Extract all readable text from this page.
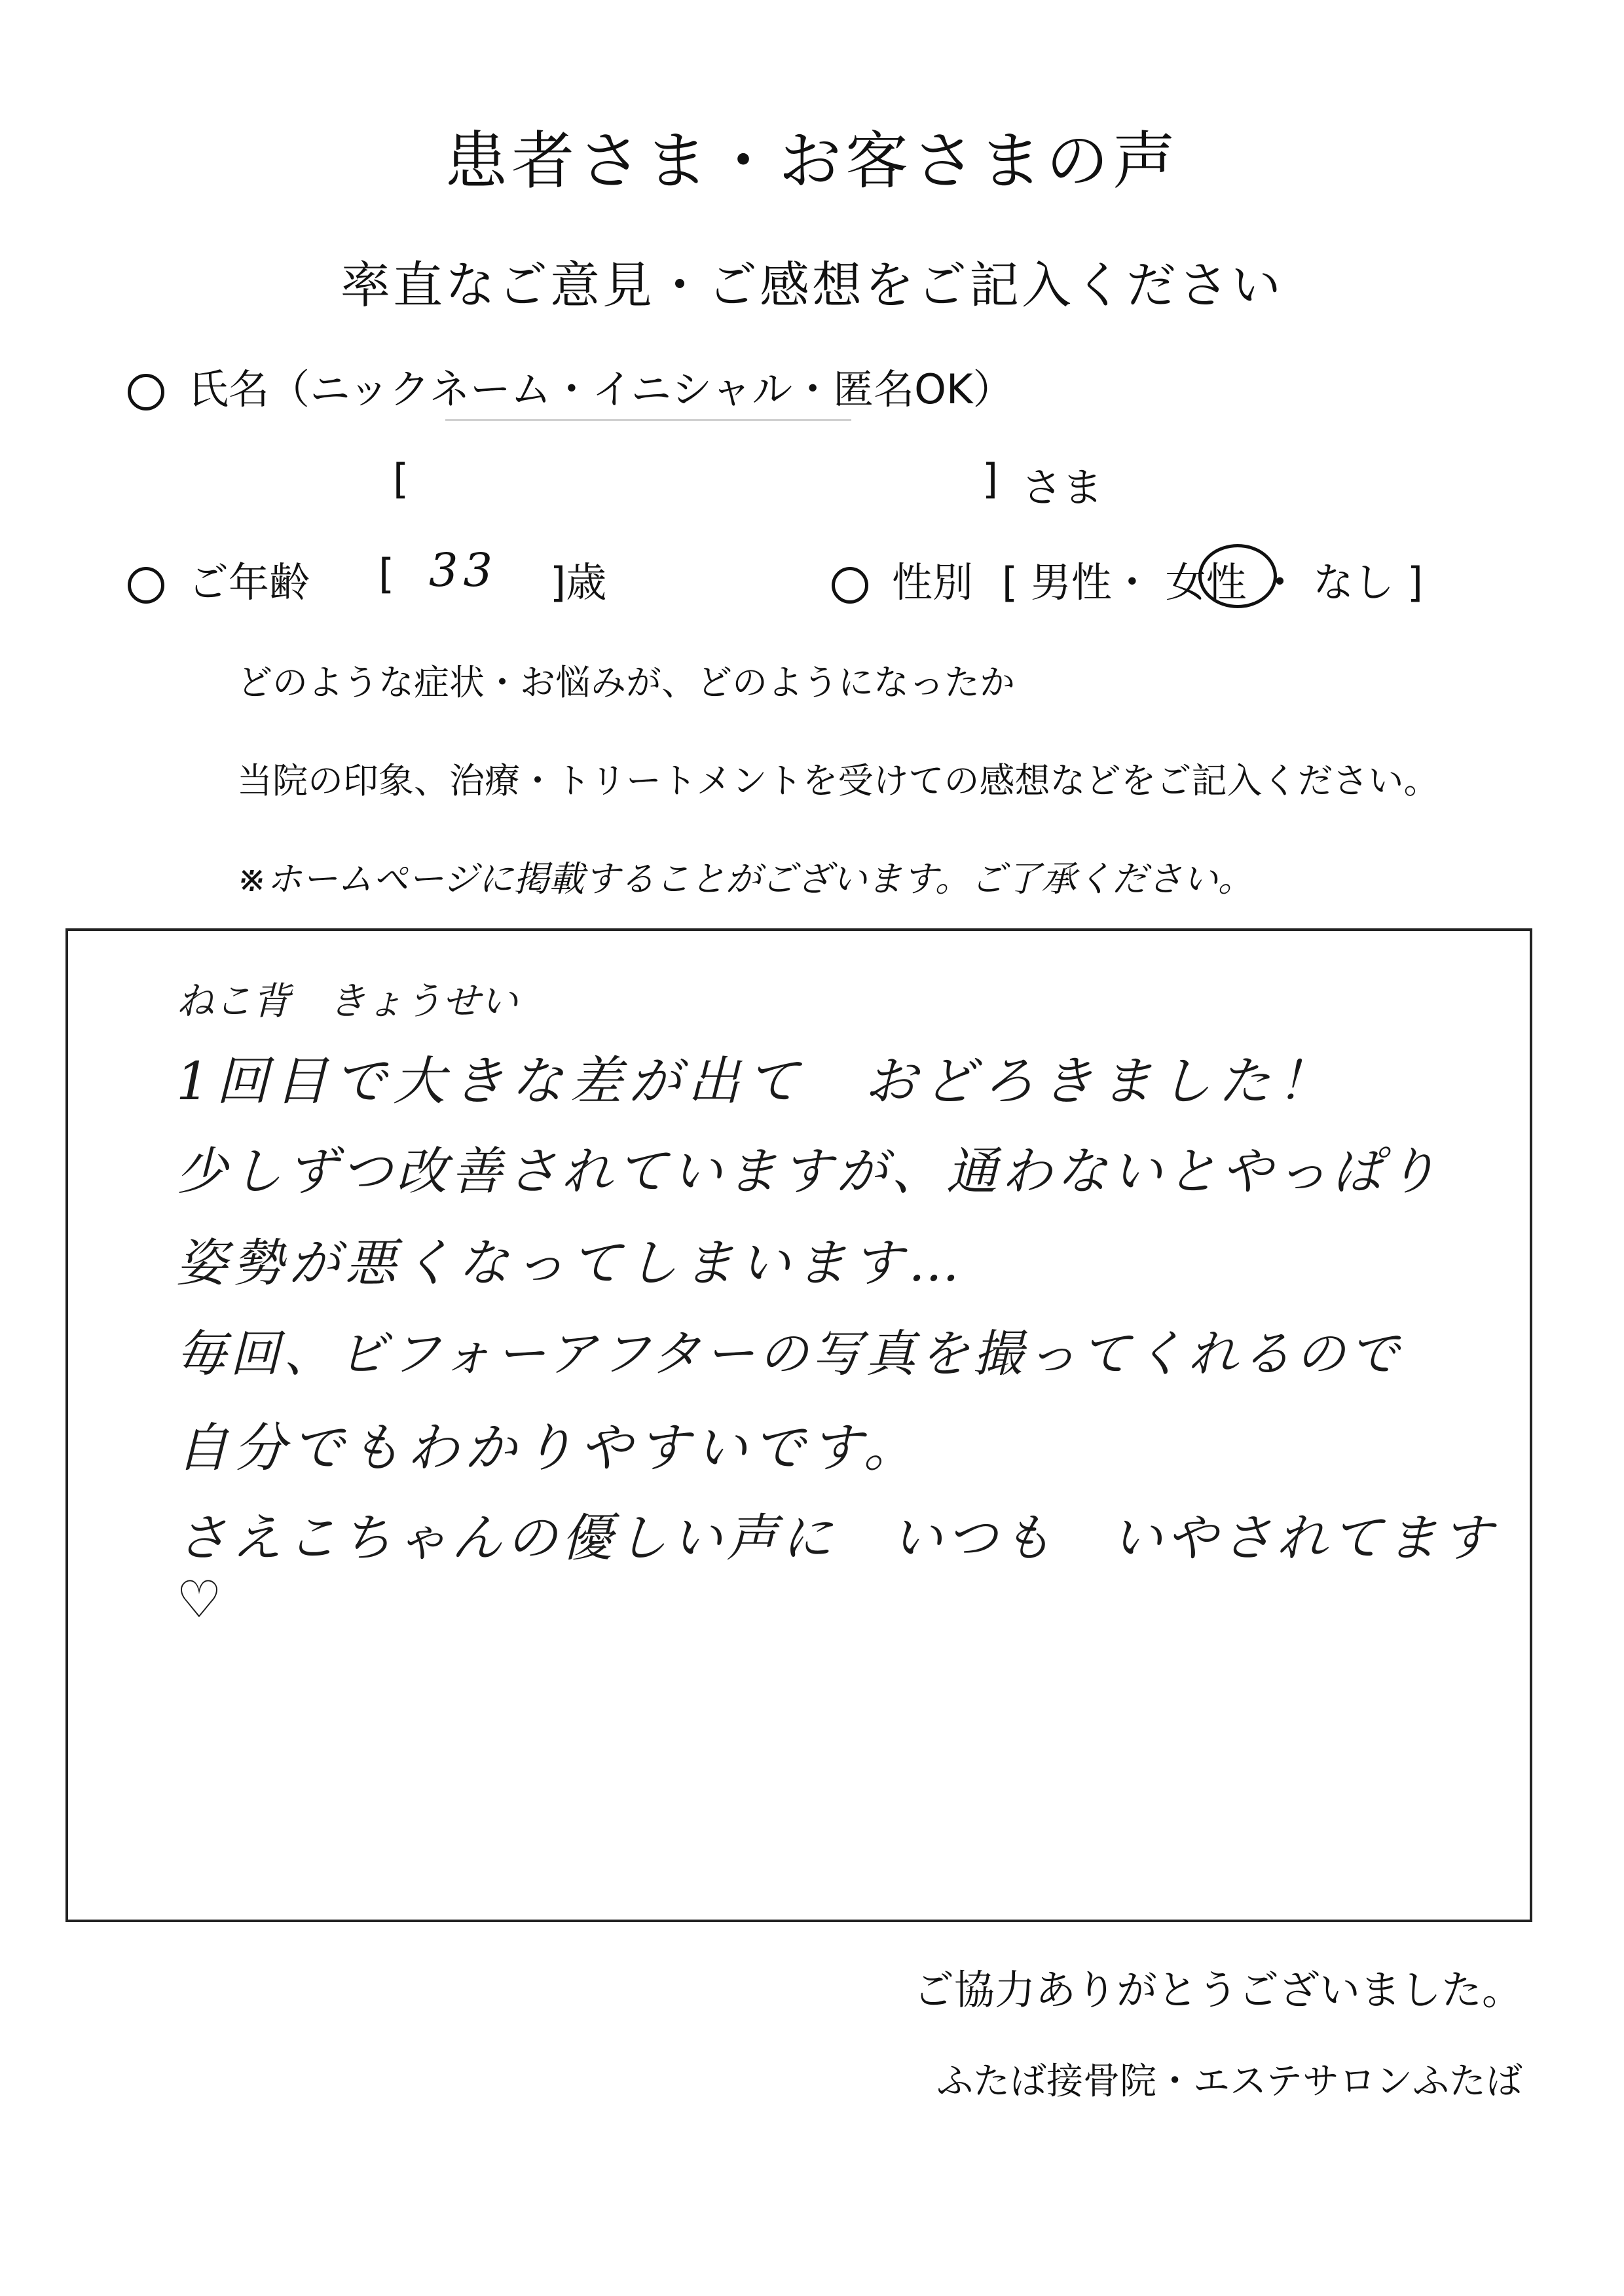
患者さま・お客さまの声
率直なご意見・ご感想をご記入ください
氏名（ニックネーム・イニシャル・匿名OK）
[	] さま
ご年齢 [ 33 ]歳	性別 [ 男性・ 女性 ・ なし ]
どのような症状・お悩みが、どのようになったか
当院の印象、治療・トリートメントを受けての感想などをご記入ください。
※ホームページに掲載することがございます。ご了承ください。
ねこ背　きょうせい
1回目で大きな差が出て　おどろきました！
少しずつ改善されていますが、通わないとやっぱり
姿勢が悪くなってしまいます…
毎回、ビフォーアフターの写真を撮ってくれるので
自分でもわかりやすいです。
さえこちゃんの優しい声に　いつも　いやされてます♡
ご協力ありがとうございました。
ふたば接骨院・エステサロンふたば
